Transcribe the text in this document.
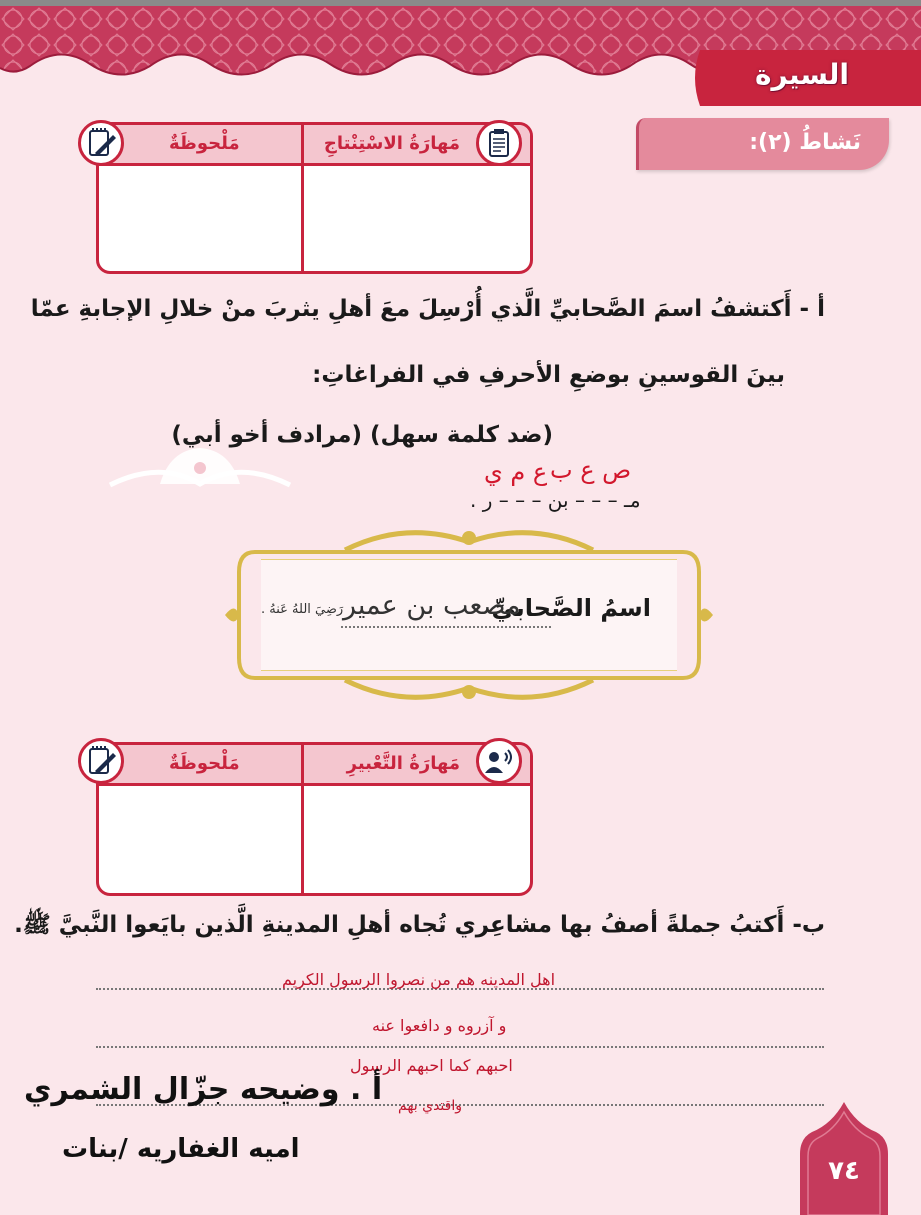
السيرة
نَشاطُ (٢):
مَهارَةُ الاسْتِنْتاجِ
مَلْحوظَةٌ
أ - أَكتشفُ اسمَ الصَّحابيِّ الَّذي أُرْسِلَ معَ أهلِ يثربَ منْ خلالِ الإجابةِ عمّا
بينَ القوسينِ بوضعِ الأحرفِ في الفراغاتِ:
(ضد كلمة سهل) (مرادف أخو أبي)
ص ع ب
ع م ي
مـ – – – بن – – – ر .
اسمُ الصَّحابيِّ
مصعب بن عمير
رَضِيَ اللهُ عَنهُ .
مَهارَةُ التَّعْبيرِ
مَلْحوظَةٌ
ب- أَكتبُ جملةً أصفُ بها مشاعِري تُجاه أهلِ المدينةِ الَّذين بايَعوا النَّبيَّ ﷺ.
اهل المدينه هم من نصروا الرسول الكريم
و آزروه و دافعوا عنه
احبهم كما احبهم الرسول
واقتدي بهم
أ . وضيحه جزّال الشمري
اميه الغفاريه /بنات
٧٤
